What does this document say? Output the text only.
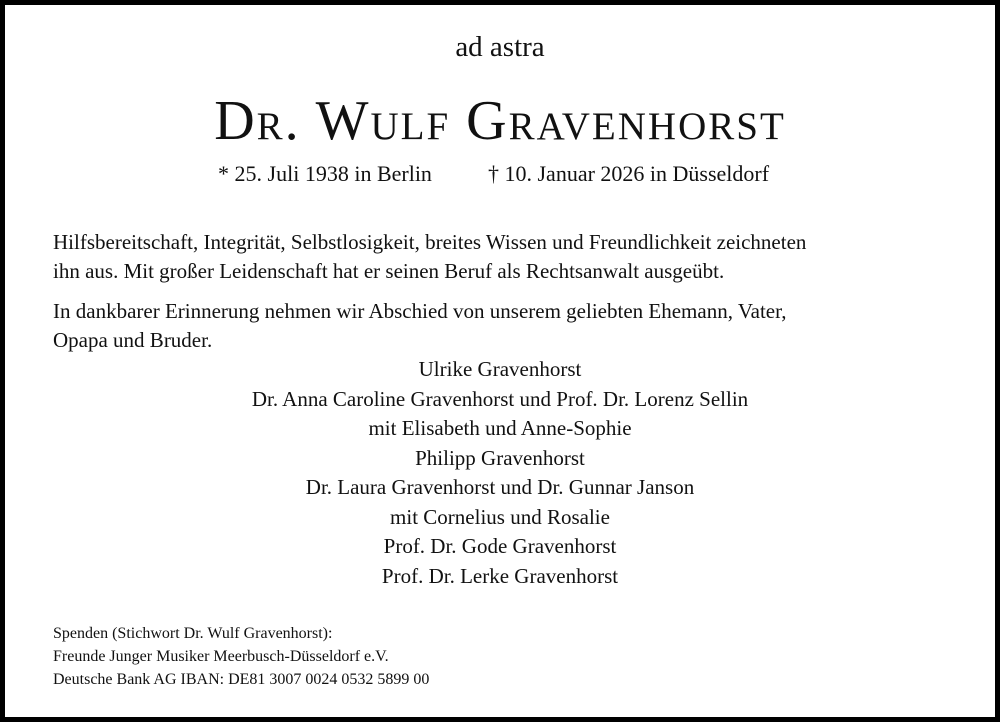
ad astra
Dr. Wulf Gravenhorst
* 25. Juli 1938 in Berlin	† 10. Januar 2026 in Düsseldorf
Hilfsbereitschaft, Integrität, Selbstlosigkeit, breites Wissen und Freundlichkeit zeichneten
ihn aus. Mit großer Leidenschaft hat er seinen Beruf als Rechtsanwalt ausgeübt.
In dankbarer Erinnerung nehmen wir Abschied von unserem geliebten Ehemann, Vater,
Opapa und Bruder.
Ulrike Gravenhorst
Dr. Anna Caroline Gravenhorst und Prof. Dr. Lorenz Sellin
mit Elisabeth und Anne-Sophie
Philipp Gravenhorst
Dr. Laura Gravenhorst und Dr. Gunnar Janson
mit Cornelius und Rosalie
Prof. Dr. Gode Gravenhorst
Prof. Dr. Lerke Gravenhorst
Spenden (Stichwort Dr. Wulf Gravenhorst):
Freunde Junger Musiker Meerbusch-Düsseldorf e.V.
Deutsche Bank AG IBAN: DE81 3007 0024 0532 5899 00
